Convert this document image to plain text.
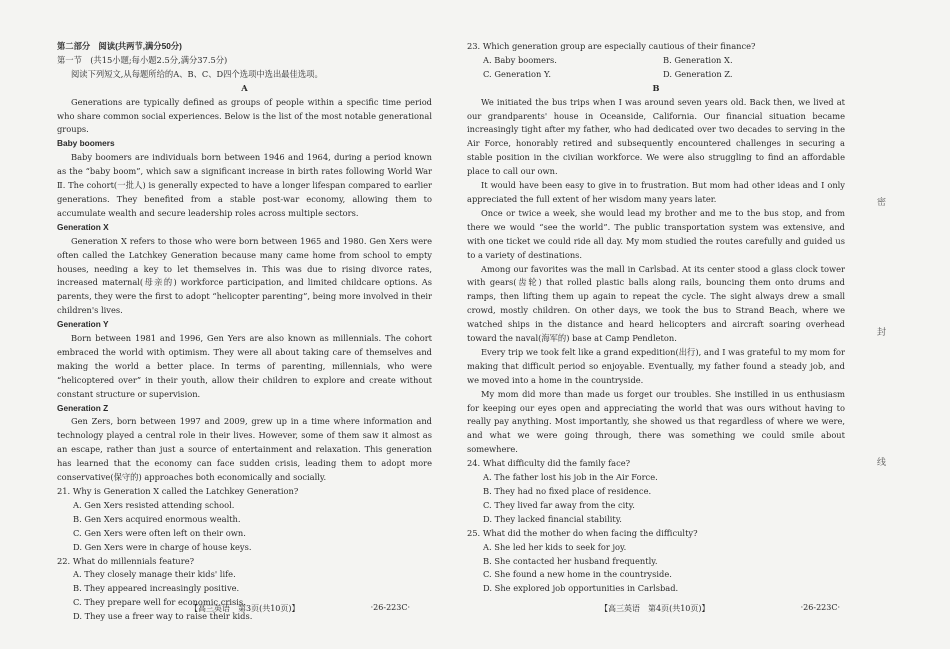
第二部分　阅读(共两节,满分50分)

第一节　(共15小题;每小题2.5分,满分37.5分)

阅读下列短文,从每题所给的A、B、C、D四个选项中选出最佳选项。

A

Generations are typically defined as groups of people within a specific time period who share common social experiences. Below is the list of the most notable generational groups.

Baby boomers

Baby boomers are individuals born between 1946 and 1964, during a period known as the “baby boom”, which saw a significant increase in birth rates following World War Ⅱ. The cohort(一批人) is generally expected to have a longer lifespan compared to earlier generations. They benefited from a stable post-war economy, allowing them to accumulate wealth and secure leadership roles across multiple sectors.

Generation X

Generation X refers to those who were born between 1965 and 1980. Gen Xers were often called the Latchkey Generation because many came home from school to empty houses, needing a key to let themselves in. This was due to rising divorce rates, increased maternal(母亲的) workforce participation, and limited childcare options. As parents, they were the first to adopt “helicopter parenting”, being more involved in their children's lives.

Generation Y

Born between 1981 and 1996, Gen Yers are also known as millennials. The cohort embraced the world with optimism. They were all about taking care of themselves and making the world a better place. In terms of parenting, millennials, who were “helicoptered over” in their youth, allow their children to explore and create without constant structure or supervision.

Generation Z

Gen Zers, born between 1997 and 2009, grew up in a time where information and technology played a central role in their lives. However, some of them saw it almost as an escape, rather than just a source of entertainment and relaxation. This generation has learned that the economy can face sudden crisis, leading them to adopt more conservative(保守的) approaches both economically and socially.

21. Why is Generation X called the Latchkey Generation?

A. Gen Xers resisted attending school.

B. Gen Xers acquired enormous wealth.

C. Gen Xers were often left on their own.

D. Gen Xers were in charge of house keys.

22. What do millennials feature?

A. They closely manage their kids' life.

B. They appeared increasingly positive.

C. They prepare well for economic crisis.

D. They use a freer way to raise their kids.

23. Which generation group are especially cautious of their finance?

A. Baby boomers.	B. Generation X.
C. Generation Y.	D. Generation Z.

B

We initiated the bus trips when I was around seven years old. Back then, we lived at our grandparents' house in Oceanside, California. Our financial situation became increasingly tight after my father, who had dedicated over two decades to serving in the Air Force, honorably retired and subsequently encountered challenges in securing a stable position in the civilian workforce. We were also struggling to find an affordable place to call our own.

It would have been easy to give in to frustration. But mom had other ideas and I only appreciated the full extent of her wisdom many years later.

Once or twice a week, she would lead my brother and me to the bus stop, and from there we would “see the world”. The public transportation system was extensive, and with one ticket we could ride all day. My mom studied the routes carefully and guided us to a variety of destinations.

Among our favorites was the mall in Carlsbad. At its center stood a glass clock tower with gears(齿轮) that rolled plastic balls along rails, bouncing them onto drums and ramps, then lifting them up again to repeat the cycle. The sight always drew a small crowd, mostly children. On other days, we took the bus to Strand Beach, where we watched ships in the distance and heard helicopters and aircraft soaring overhead toward the naval(海军的) base at Camp Pendleton.

Every trip we took felt like a grand expedition(出行), and I was grateful to my mom for making that difficult period so enjoyable. Eventually, my father found a steady job, and we moved into a home in the countryside.

My mom did more than made us forget our troubles. She instilled in us enthusiasm for keeping our eyes open and appreciating the world that was ours without having to really pay anything. Most importantly, she showed us that regardless of where we were, and what we were going through, there was something we could smile about somewhere.

24. What difficulty did the family face?

A. The father lost his job in the Air Force.

B. They had no fixed place of residence.

C. They lived far away from the city.

D. They lacked financial stability.

25. What did the mother do when facing the difficulty?

A. She led her kids to seek for joy.

B. She contacted her husband frequently.

C. She found a new home in the countryside.

D. She explored job opportunities in Carlsbad.

【高三英语　第3页(共10页)】	·26-223C·	【高三英语　第4页(共10页)】	·26-223C·
密
封
线
